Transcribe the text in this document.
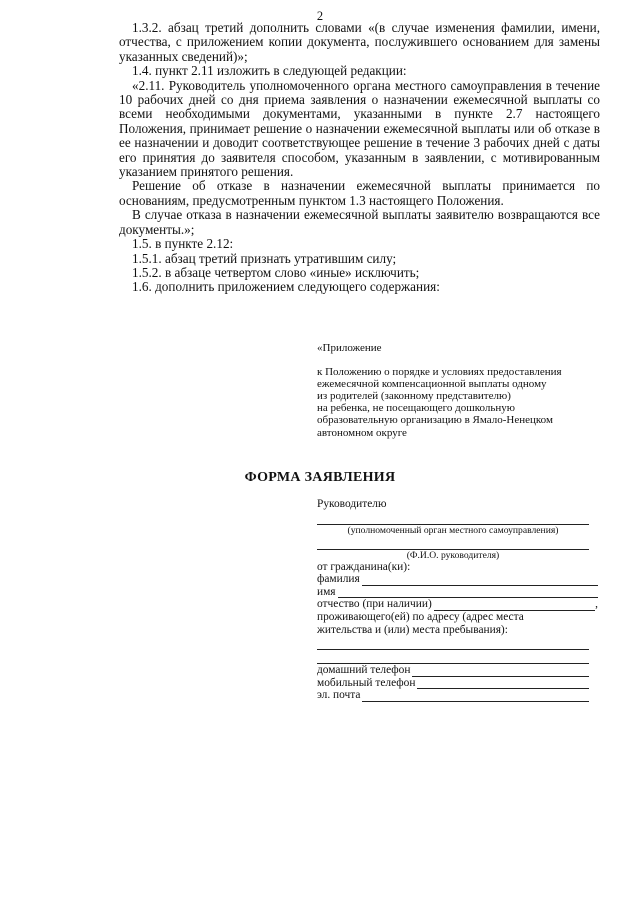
2

1.3.2. абзац третий дополнить словами «(в случае изменения фамилии, имени, отчества, с приложением копии документа, послужившего основанием для замены указанных сведений)»;

1.4. пункт 2.11 изложить в следующей редакции:

«2.11. Руководитель уполномоченного органа местного самоуправления в течение 10 рабочих дней со дня приема заявления о назначении ежемесячной выплаты со всеми необходимыми документами, указанными в пункте 2.7 настоящего Положения, принимает решение о назначении ежемесячной выплаты или об отказе в ее назначении и доводит соответствующее решение в течение 3 рабочих дней с даты его принятия до заявителя способом, указанным в заявлении, с мотивированным указанием принятого решения.

Решение об отказе в назначении ежемесячной выплаты принимается по основаниям, предусмотренным пунктом 1.3 настоящего Положения.

В случае отказа в назначении ежемесячной выплаты заявителю возвращаются все документы.»;

1.5. в пункте 2.12:

1.5.1. абзац третий признать утратившим силу;

1.5.2. в абзаце четвертом слово «иные» исключить;

1.6. дополнить приложением следующего содержания:

«Приложение

к Положению о порядке и условиях предоставления

ежемесячной компенсационной выплаты одному

из родителей (законному представителю)

на ребенка, не посещающего дошкольную

образовательную организацию в Ямало-Ненецком

автономном округе

ФОРМА ЗАЯВЛЕНИЯ
Руководителю
(уполномоченный орган местного самоуправления)
(Ф.И.О. руководителя)
от гражданина(ки):
фамилия
имя
отчество (при наличии)	,
проживающего(ей) по адресу (адрес места жительства и (или) места пребывания):
домашний телефон
мобильный телефон
эл. почта
